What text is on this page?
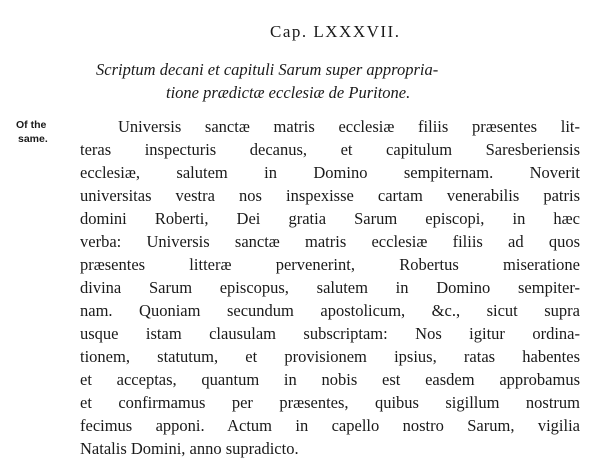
Cap. LXXXVII.
Scriptum decani et capituli Sarum super appropria-
tione prædictæ ecclesiæ de Puritone.
Of the
same.
Universis sanctæ matris ecclesiæ filiis præsentes lit-
teras inspecturis decanus, et capitulum Saresberiensis
ecclesiæ, salutem in Domino sempiternam. Noverit
universitas vestra nos inspexisse cartam venerabilis patris
domini Roberti, Dei gratia Sarum episcopi, in hæc
verba: Universis sanctæ matris ecclesiæ filiis ad quos
præsentes litteræ pervenerint, Robertus miseratione
divina Sarum episcopus, salutem in Domino sempiter-
nam. Quoniam secundum apostolicum, &c., sicut supra
usque istam clausulam subscriptam: Nos igitur ordina-
tionem, statutum, et provisionem ipsius, ratas habentes
et acceptas, quantum in nobis est easdem approbamus
et confirmamus per præsentes, quibus sigillum nostrum
fecimus apponi. Actum in capello nostro Sarum, vigilia
Natalis Domini, anno supradicto.
